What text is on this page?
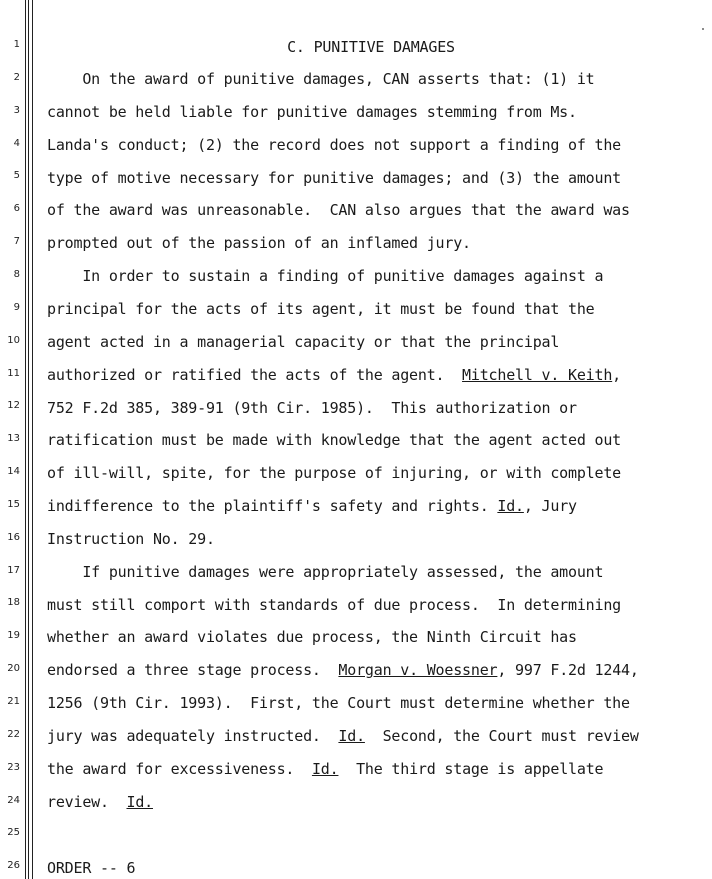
1
2
3
4
5
6
7
8
9
10
11
12
13
14
15
16
17
18
19
20
21
22
23
24
25
26
C. PUNITIVE DAMAGES
On the award of punitive damages, CAN asserts that: (1) it
cannot be held liable for punitive damages stemming from Ms.
Landa's conduct; (2) the record does not support a finding of the
type of motive necessary for punitive damages; and (3) the amount
of the award was unreasonable.  CAN also argues that the award was
prompted out of the passion of an inflamed jury.
In order to sustain a finding of punitive damages against a
principal for the acts of its agent, it must be found that the
agent acted in a managerial capacity or that the principal
authorized or ratified the acts of the agent.  Mitchell v. Keith,
752 F.2d 385, 389-91 (9th Cir. 1985).  This authorization or
ratification must be made with knowledge that the agent acted out
of ill-will, spite, for the purpose of injuring, or with complete
indifference to the plaintiff's safety and rights. Id., Jury
Instruction No. 29.
If punitive damages were appropriately assessed, the amount
must still comport with standards of due process.  In determining
whether an award violates due process, the Ninth Circuit has
endorsed a three stage process.  Morgan v. Woessner, 997 F.2d 1244,
1256 (9th Cir. 1993).  First, the Court must determine whether the
jury was adequately instructed.  Id.  Second, the Court must review
the award for excessiveness.  Id.  The third stage is appellate
review.  Id.
ORDER -- 6
